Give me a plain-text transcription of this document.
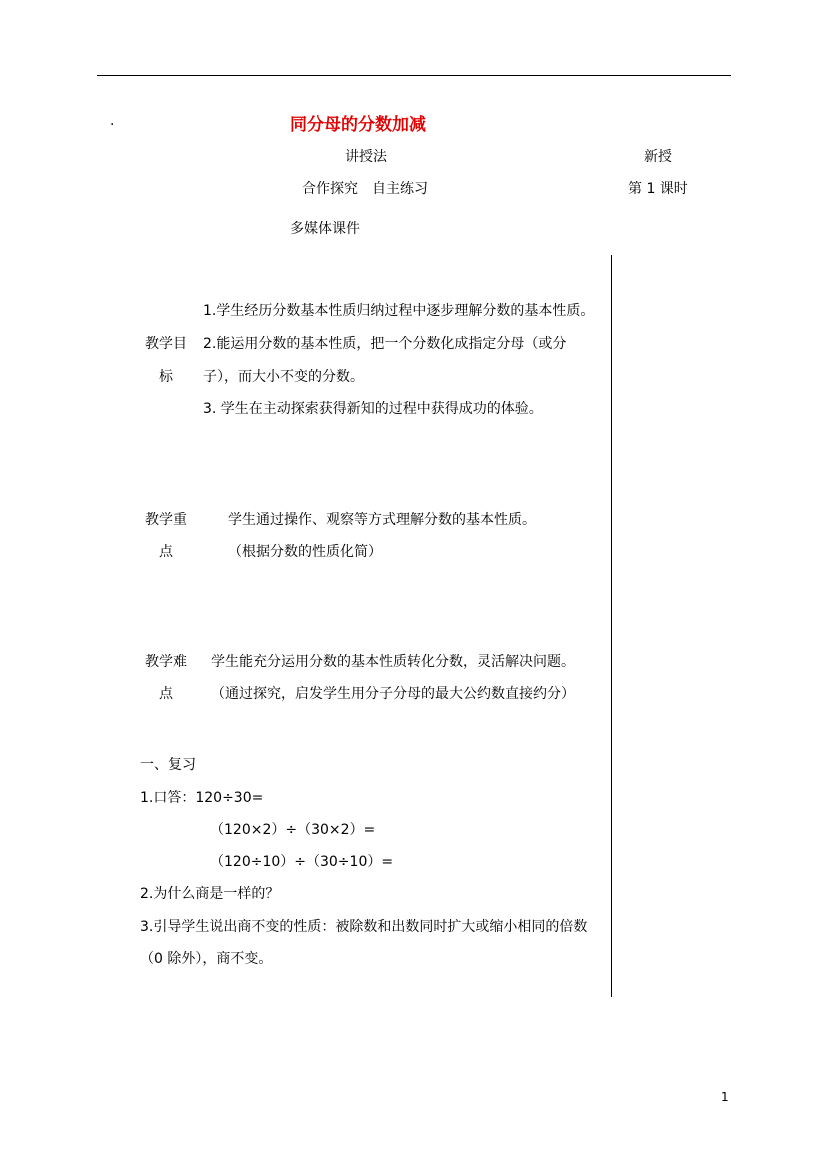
·	同分母的分数加减
讲授法	新授
合作探究　自主练习	第 1 课时
多媒体课件
教学目
标
1.学生经历分数基本性质归纳过程中逐步理解分数的基本性质。
2.能运用分数的基本性质，把一个分数化成指定分母（或分
子），而大小不变的分数。
3. 学生在主动探索获得新知的过程中获得成功的体验。
教学重
点
学生通过操作、观察等方式理解分数的基本性质。
（根据分数的性质化简）
教学难
点
学生能充分运用分数的基本性质转化分数，灵活解决问题。
（通过探究，启发学生用分子分母的最大公约数直接约分）
一、复习
1.口答：120÷30=
（120×2）÷（30×2）=
（120÷10）÷（30÷10）=
2.为什么商是一样的？
3.引导学生说出商不变的性质：被除数和出数同时扩大或缩小相同的倍数
（0 除外），商不变。
1
